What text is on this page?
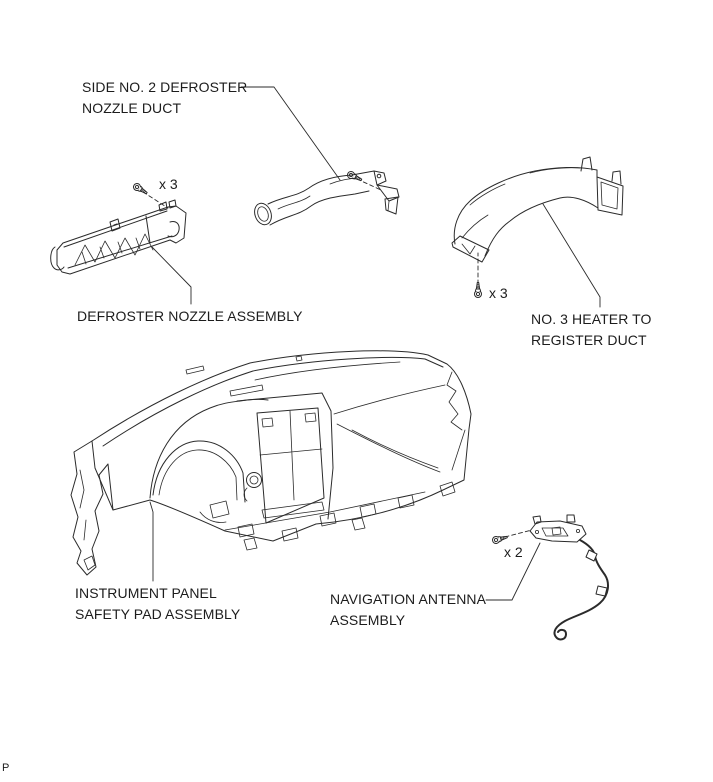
SIDE NO. 2 DEFROSTER
NOZZLE DUCT
x 3
DEFROSTER NOZZLE ASSEMBLY
x 3
NO. 3 HEATER TO
REGISTER DUCT
INSTRUMENT PANEL
SAFETY PAD ASSEMBLY
x 2
NAVIGATION ANTENNA
ASSEMBLY
P
